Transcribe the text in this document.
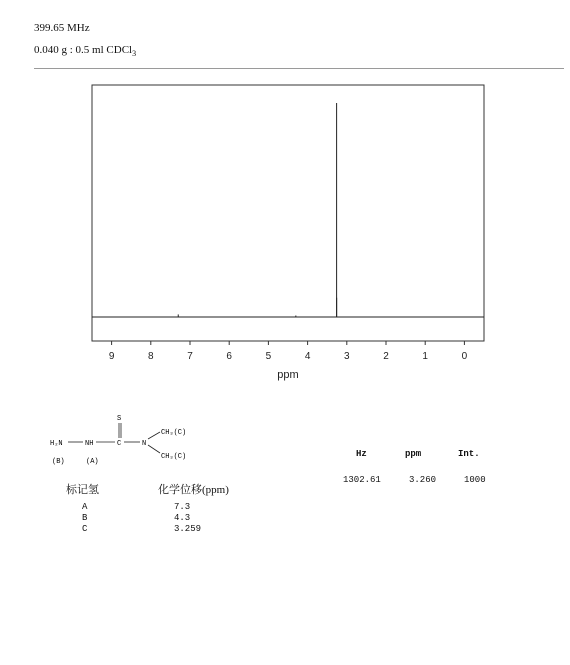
399.65 MHz
0.040 g : 0.5 ml CDCl$_3$
9	8	7	6	5	4	3	2	1	0
ppm
S
H₂N	NH	C	N
CH₃(C)
CH₃(C)
(B)	(A)
标记氢	化学位移(ppm)
A	7.3
B	4.3
C	3.259
Hz	ppm	Int.
1302.61	3.260	1000
